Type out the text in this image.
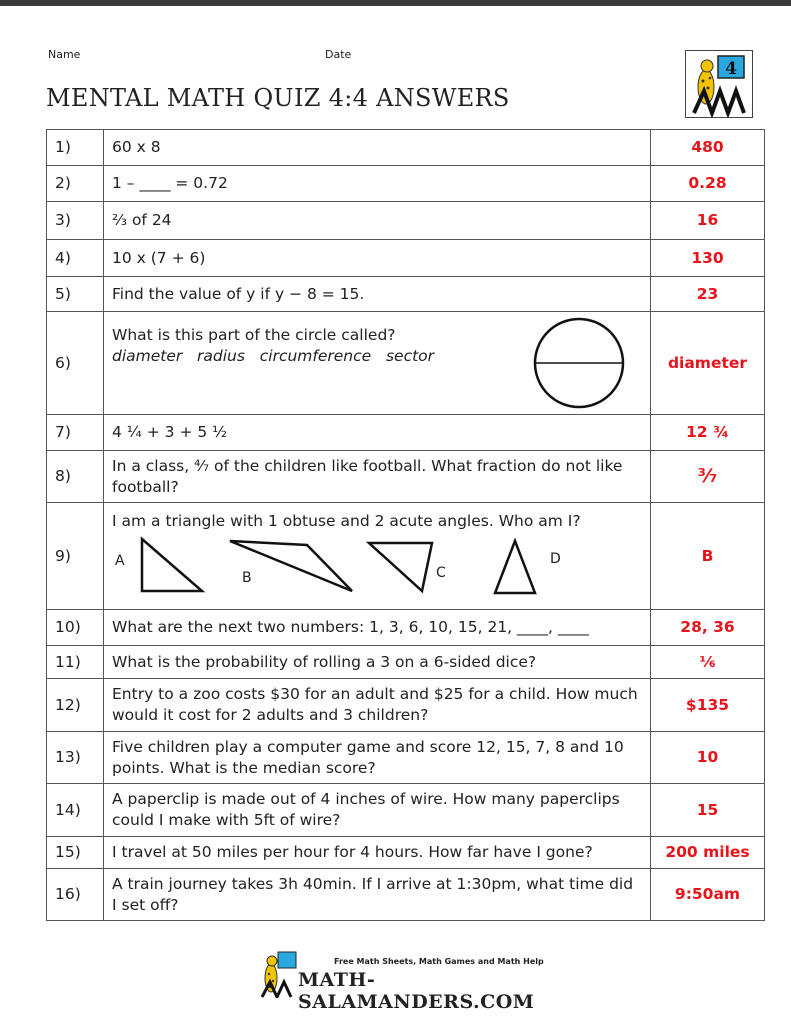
Name	Date
MENTAL MATH QUIZ 4:4 ANSWERS
4
1)	60 x 8	480
2)	1 – ____ = 0.72	0.28
3)	⅔ of 24	16
4)	10 x (7 + 6)	130
5)	Find the value of y if y − 8 = 15.	23
6)	What is this part of the circle called?
diameter   radius   circumference   sector	diameter
7)	4 ¼ + 3 + 5 ½	12 ¾
8)	In a class, ⁴⁄₇ of the children like football. What fraction do not like football?	³⁄₇
9)	I am a triangle with 1 obtuse and 2 acute angles. Who am I?
A
B C
D	B
10)	What are the next two numbers: 1, 3, 6, 10, 15, 21, ____, ____	28, 36
11)	What is the probability of rolling a 3 on a 6-sided dice?	⅙
12)	Entry to a zoo costs $30 for an adult and $25 for a child. How much would it cost for 2 adults and 3 children?	$135
13)	Five children play a computer game and score 12, 15, 7, 8 and 10 points. What is the median score?	10
14)	A paperclip is made out of 4 inches of wire. How many paperclips could I make with 5ft of wire?	15
15)	I travel at 50 miles per hour for 4 hours. How far have I gone?	200 miles
16)	A train journey takes 3h 40min. If I arrive at 1:30pm, what time did I set off?	9:50am
Free Math Sheets, Math Games and Math Help
MATH-SALAMANDERS.COM
